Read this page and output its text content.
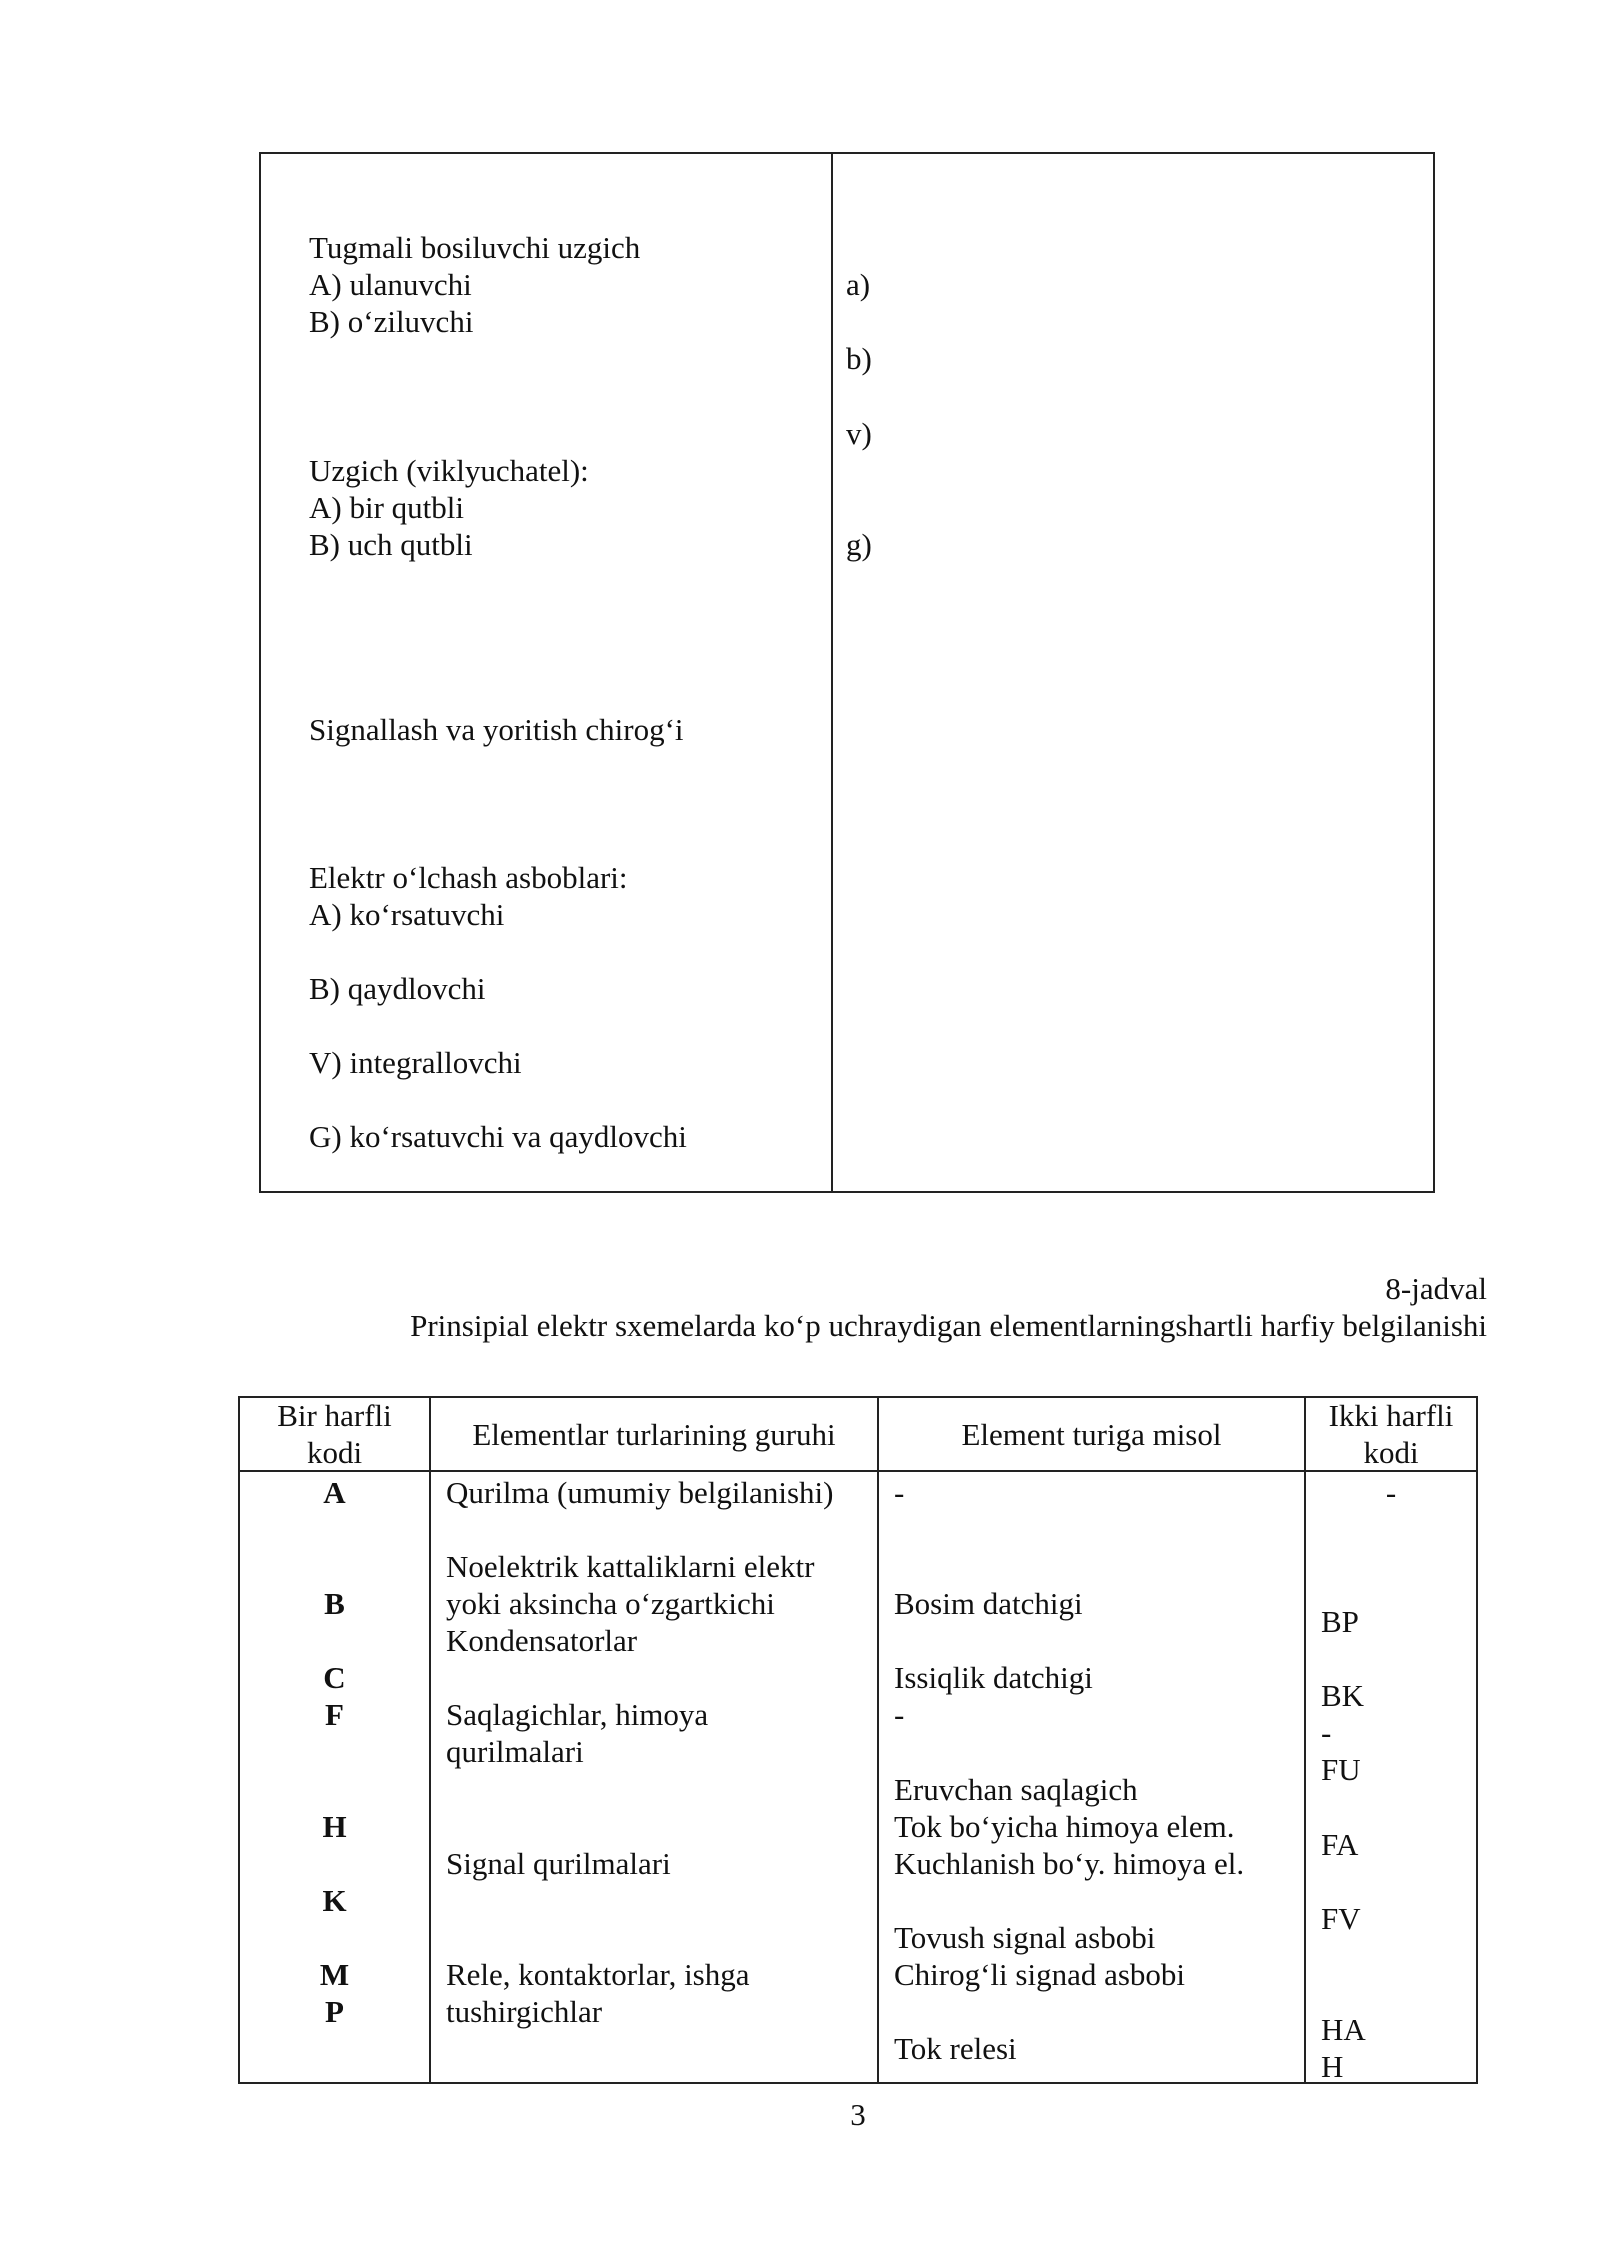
Tugmali bosiluvchi uzgich
A) ulanuvchi
B) o‘ziluvchi
Uzgich (viklyuchatel):
A) bir qutbli
B) uch qutbli
Signallash va yoritish chirog‘i
Elektr o‘lchash asboblari:
A) ko‘rsatuvchi
B) qaydlovchi
V) integrallovchi
G) ko‘rsatuvchi va qaydlovchi
a)
b)
v)
g)
8-jadval
Prinsipial elektr sxemelarda ko‘p uchraydigan elementlarningshartli harfiy belgilanishi
Bir harfli
kodi
Elementlar turlarining guruhi	Element turiga misol
Ikki harfli
kodi
A
B
C
F
H
K
M
P
Qurilma (umumiy belgilanishi)
Noelektrik kattaliklarni elektr
yoki aksincha o‘zgartkichi
Kondensatorlar
Saqlagichlar, himoya
qurilmalari
Signal qurilmalari
Rele, kontaktorlar, ishga
tushirgichlar
-
Bosim datchigi
Issiqlik datchigi
-
Eruvchan saqlagich
Tok bo‘yicha himoya elem.
Kuchlanish bo‘y. himoya el.
Tovush signal asbobi
Chirog‘li signad asbobi
Tok relesi
-
BP
BK
-
FU
FA
FV
HA
H
3
